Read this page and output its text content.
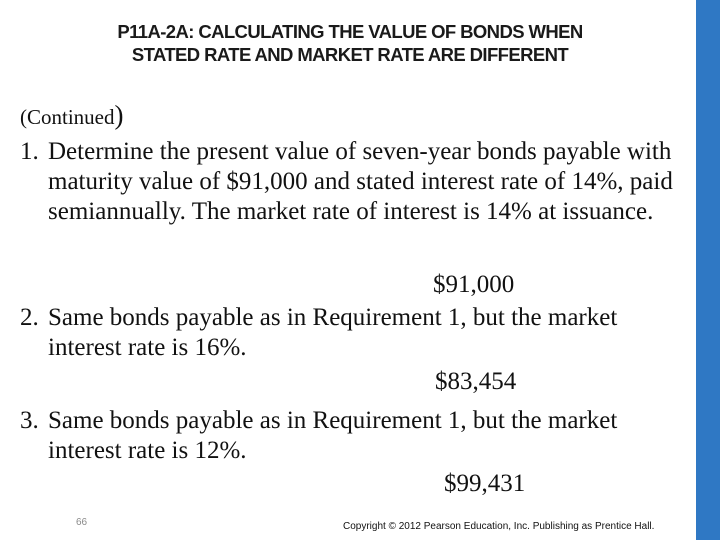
P11A-2A: CALCULATING THE VALUE OF BONDS WHEN
STATED RATE AND MARKET RATE ARE DIFFERENT
(Continued)
1. Determine the present value of seven-year bonds payable with maturity value of $91,000 and stated interest rate of 14%, paid semiannually. The market rate of interest is 14% at issuance.
$91,000
2. Same bonds payable as in Requirement 1, but the market interest rate is 16%.
$83,454
3. Same bonds payable as in Requirement 1, but the market interest rate is 12%.
$99,431
66	Copyright © 2012 Pearson Education, Inc. Publishing as Prentice Hall.
